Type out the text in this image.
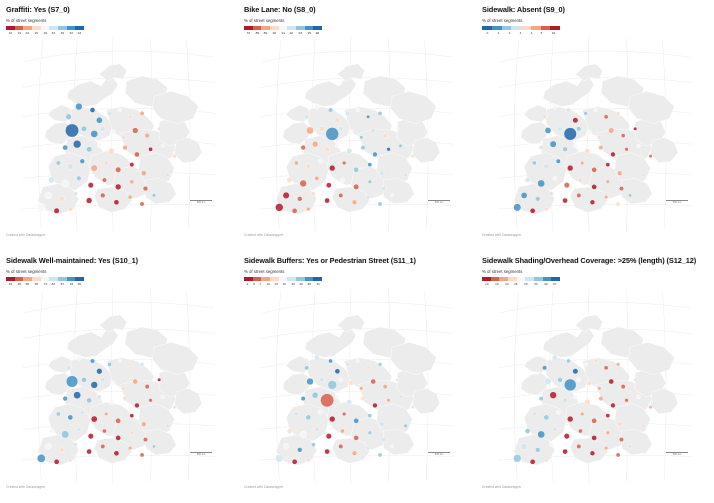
Graffiti: Yes (S7_0)
% of street segments
16	19	22	25	29	33	39	52	93
500 km
Created with Datawrapper
Bike Lane: No (S8_0)
% of street segments
79	85	89	90	91	92	93	95	98
500 km
Created with Datawrapper
Sidewalk: Absent (S9_0)
% of street segments
0	1	2	3	4	5	10
500 km
Created with Datawrapper
Sidewalk Well-maintained: Yes (S10_1)
% of street segments
33	48	58	66	73	82	87	93	95
500 km
Created with Datawrapper
Sidewalk Buffers: Yes or Pedestrian Street (S11_1)
% of street segments
2	5	7	10	13	16	20	25	30	41
500 km
Created with Datawrapper
Sidewalk Shading/Overhead Coverage: >25% (length) (S12_12)
% of street segments
14	19	23	26	29	33	40	67
500 km
Created with Datawrapper
